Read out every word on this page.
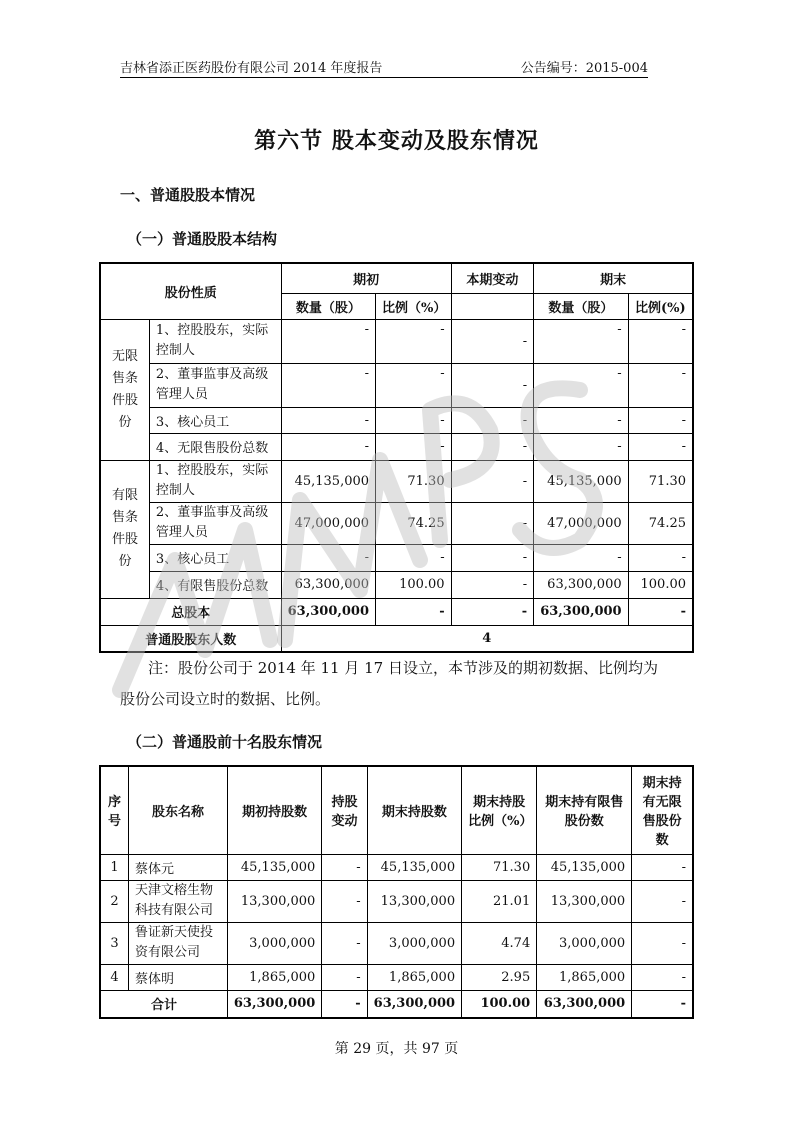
吉林省添正医药股份有限公司 2014 年度报告	公告编号：2015-004
第六节 股本变动及股东情况
一、普通股股本情况
（一）普通股股本结构
股份性质		期初		本期变动	期末	
		数量（股）	比例（%）		数量（股）	比例(%)
无限售条件股份	1、控股股东，实际控制人	-	-	-	-	-
	2、董事监事及高级管理人员	-	-	-	-	-
	3、核心员工	-	-	-	-	-
	4、无限售股份总数	-	-	-	-	-
有限售条件股份	1、控股股东，实际控制人	45,135,000	71.30	-	45,135,000	71.30
	2、董事监事及高级管理人员	47,000,000	74.25	-	47,000,000	74.25
	3、核心员工	-	-	-	-	-
	4、有限售股份总数	63,300,000	100.00	-	63,300,000	100.00
总股本		63,300,000	-	-	63,300,000	-
普通股股东人数		4				
注：股份公司于 2014 年 11 月 17 日设立，本节涉及的期初数据、比例均为
股份公司设立时的数据、比例。
（二）普通股前十名股东情况
序号	股东名称	期初持股数	持股变动	期末持股数	期末持股比例（%）	期末持有限售股份数	期末持有无限售股份数
1	蔡体元	45,135,000	-	45,135,000	71.30	45,135,000	-
2	天津文榕生物科技有限公司	13,300,000	-	13,300,000	21.01	13,300,000	-
3	鲁证新天使投资有限公司	3,000,000	-	3,000,000	4.74	3,000,000	-
4	蔡体明	1,865,000	-	1,865,000	2.95	1,865,000	-
合计		63,300,000	-	63,300,000	100.00	63,300,000	-
第 29 页，共 97 页
